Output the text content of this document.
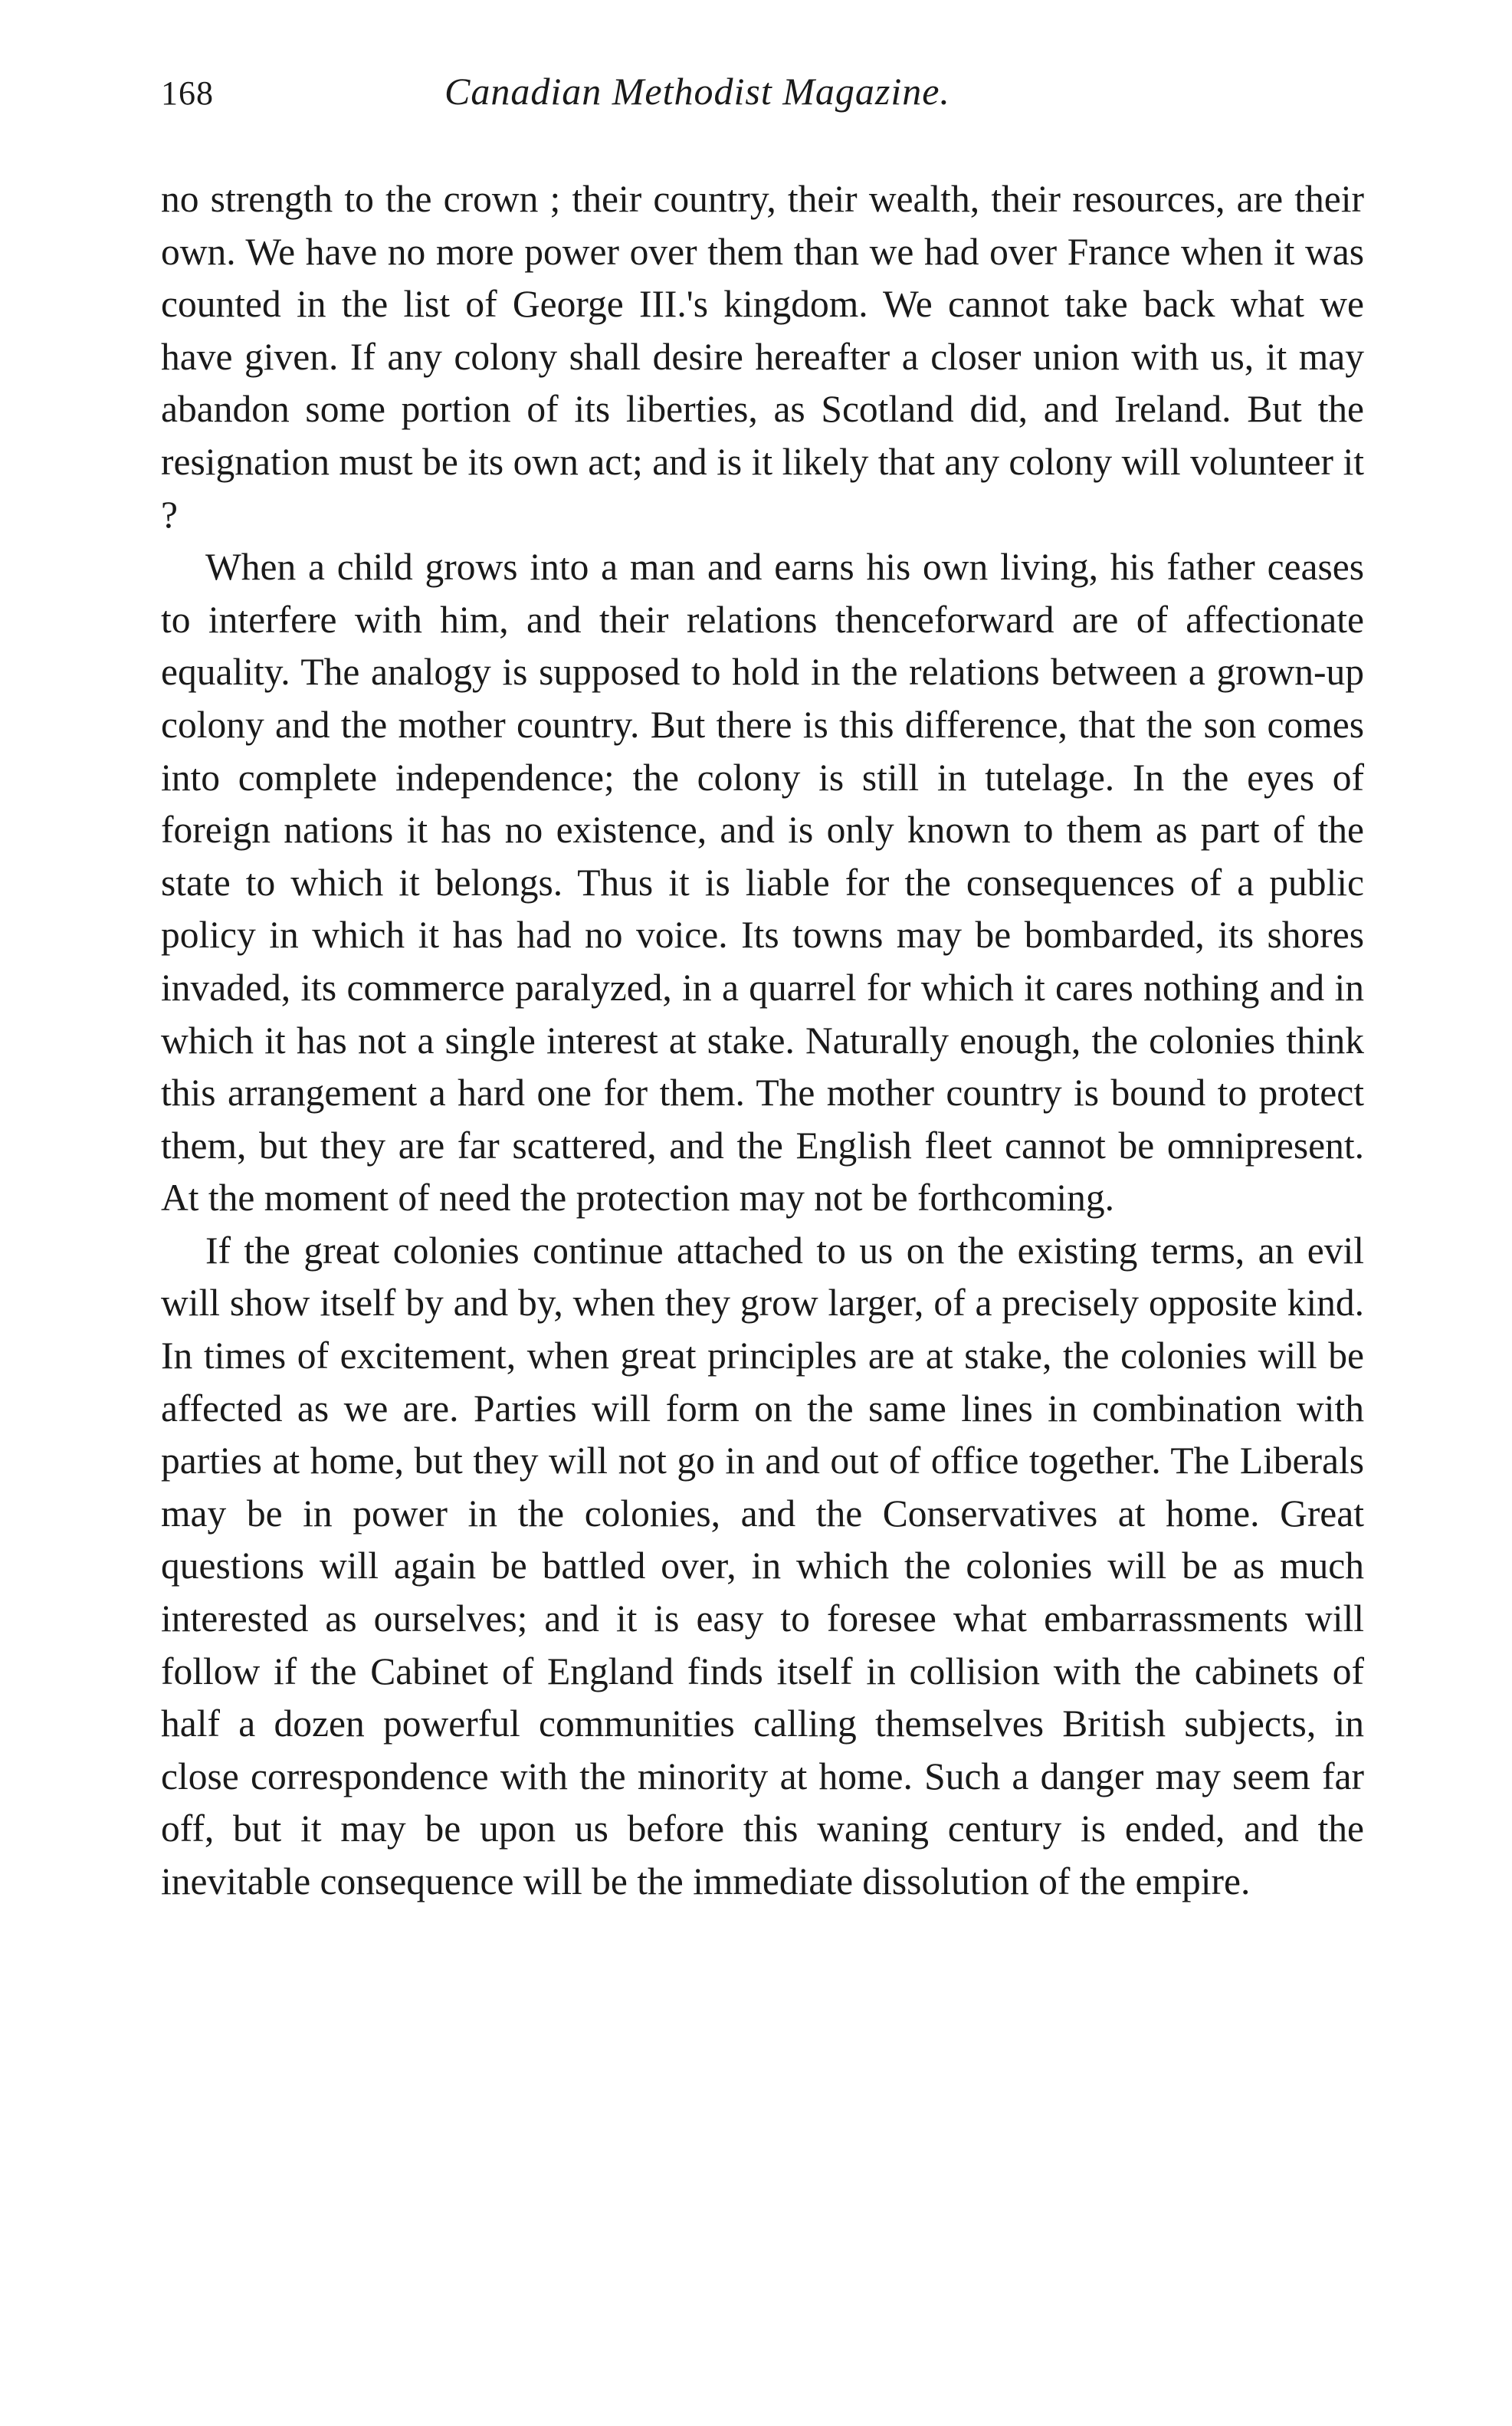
168	Canadian Methodist Magazine.

no strength to the crown ; their country, their wealth, their resources, are their own. We have no more power over them than we had over France when it was counted in the list of George III.'s kingdom. We cannot take back what we have given. If any colony shall desire hereafter a closer union with us, it may abandon some portion of its liberties, as Scotland did, and Ireland. But the resignation must be its own act; and is it likely that any colony will volunteer it ?

When a child grows into a man and earns his own living, his father ceases to interfere with him, and their relations thenceforward are of affectionate equality. The analogy is supposed to hold in the relations between a grown-up colony and the mother country. But there is this difference, that the son comes into complete independence; the colony is still in tutelage. In the eyes of foreign nations it has no existence, and is only known to them as part of the state to which it belongs. Thus it is liable for the consequences of a public policy in which it has had no voice. Its towns may be bombarded, its shores invaded, its commerce paralyzed, in a quarrel for which it cares nothing and in which it has not a single interest at stake. Naturally enough, the colonies think this arrangement a hard one for them. The mother country is bound to protect them, but they are far scattered, and the English fleet cannot be omnipresent. At the moment of need the protection may not be forthcoming.

If the great colonies continue attached to us on the existing terms, an evil will show itself by and by, when they grow larger, of a precisely opposite kind. In times of excitement, when great principles are at stake, the colonies will be affected as we are. Parties will form on the same lines in combination with parties at home, but they will not go in and out of office together. The Liberals may be in power in the colonies, and the Conservatives at home. Great questions will again be battled over, in which the colonies will be as much interested as ourselves; and it is easy to foresee what embarrassments will follow if the Cabinet of England finds itself in collision with the cabinets of half a dozen powerful communities calling themselves British subjects, in close correspondence with the minority at home. Such a danger may seem far off, but it may be upon us before this waning century is ended, and the inevitable consequence will be the immediate dissolution of the empire.
